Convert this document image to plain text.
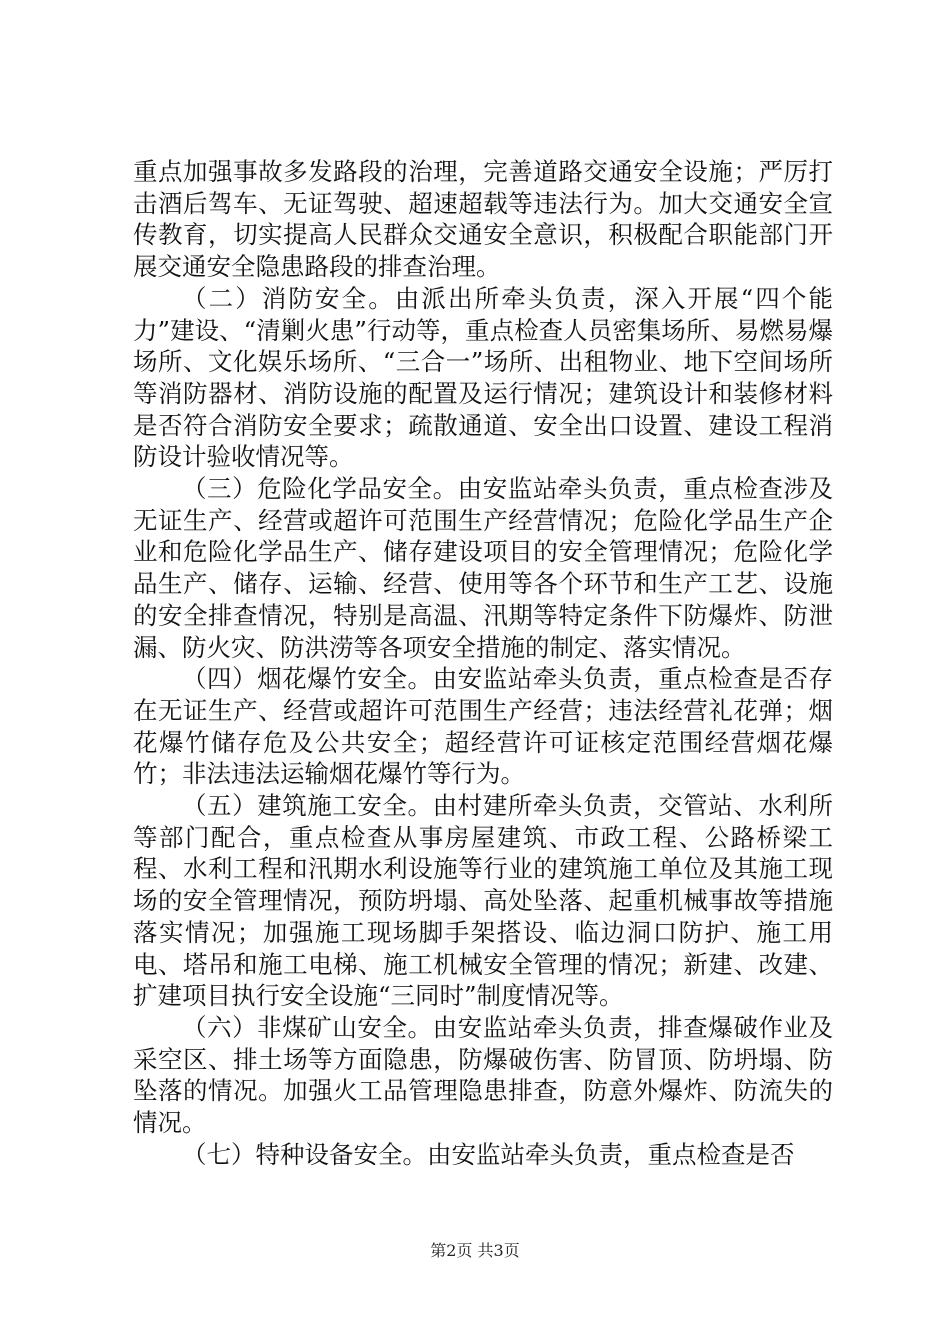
重点加强事故多发路段的治理，完善道路交通安全设施；严厉打击酒后驾车、无证驾驶、超速超载等违法行为。加大交通安全宣传教育，切实提高人民群众交通安全意识，积极配合职能部门开展交通安全隐患路段的排查治理。

（二）消防安全。由派出所牵头负责，深入开展“四个能力”建设、“清剿火患”行动等，重点检查人员密集场所、易燃易爆场所、文化娱乐场所、“三合一”场所、出租物业、地下空间场所等消防器材、消防设施的配置及运行情况；建筑设计和装修材料是否符合消防安全要求；疏散通道、安全出口设置、建设工程消防设计验收情况等。

（三）危险化学品安全。由安监站牵头负责，重点检查涉及无证生产、经营或超许可范围生产经营情况；危险化学品生产企业和危险化学品生产、储存建设项目的安全管理情况；危险化学品生产、储存、运输、经营、使用等各个环节和生产工艺、设施的安全排查情况，特别是高温、汛期等特定条件下防爆炸、防泄漏、防火灾、防洪涝等各项安全措施的制定、落实情况。

（四）烟花爆竹安全。由安监站牵头负责，重点检查是否存在无证生产、经营或超许可范围生产经营；违法经营礼花弹；烟花爆竹储存危及公共安全；超经营许可证核定范围经营烟花爆竹；非法违法运输烟花爆竹等行为。

（五）建筑施工安全。由村建所牵头负责，交管站、水利所等部门配合，重点检查从事房屋建筑、市政工程、公路桥梁工程、水利工程和汛期水利设施等行业的建筑施工单位及其施工现场的安全管理情况，预防坍塌、高处坠落、起重机械事故等措施落实情况；加强施工现场脚手架搭设、临边洞口防护、施工用电、塔吊和施工电梯、施工机械安全管理的情况；新建、改建、扩建项目执行安全设施“三同时”制度情况等。

（六）非煤矿山安全。由安监站牵头负责，排查爆破作业及采空区、排土场等方面隐患，防爆破伤害、防冒顶、防坍塌、防坠落的情况。加强火工品管理隐患排查，防意外爆炸、防流失的情况。

（七）特种设备安全。由安监站牵头负责，重点检查是否

第2页 共3页
